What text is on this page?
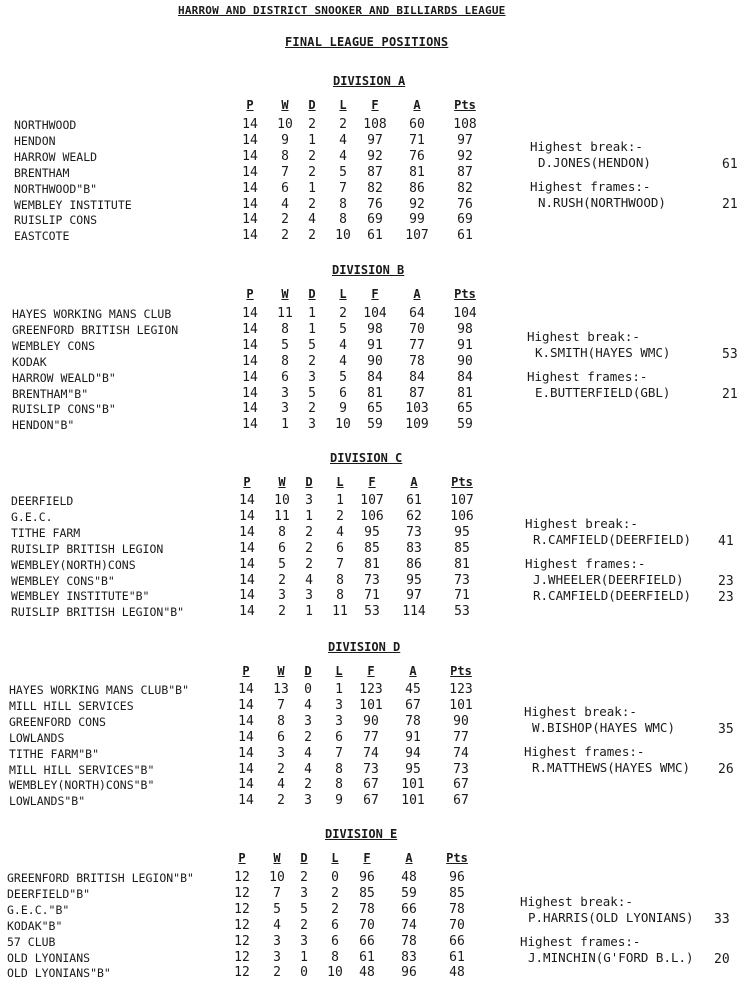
HARROW AND DISTRICT SNOOKER AND BILLIARDS LEAGUE
FINAL LEAGUE POSITIONS
DIVISION A
P	W	D	L	F	A	Pts
NORTHWOOD	14	10	2	2	108	60	108
HENDON	14	9	1	4	97	71	97
HARROW WEALD	14	8	2	4	92	76	92
BRENTHAM	14	7	2	5	87	81	87
NORTHWOOD"B"	14	6	1	7	82	86	82
WEMBLEY INSTITUTE	14	4	2	8	76	92	76
RUISLIP CONS	14	2	4	8	69	99	69
EASTCOTE	14	2	2	10	61	107	61
Highest break:-
D.JONES(HENDON)	61
Highest frames:-
N.RUSH(NORTHWOOD)	21
DIVISION B
P	W	D	L	F	A	Pts
HAYES WORKING MANS CLUB	14	11	1	2	104	64	104
GREENFORD BRITISH LEGION	14	8	1	5	98	70	98
WEMBLEY CONS	14	5	5	4	91	77	91
KODAK	14	8	2	4	90	78	90
HARROW WEALD"B"	14	6	3	5	84	84	84
BRENTHAM"B"	14	3	5	6	81	87	81
RUISLIP CONS"B"	14	3	2	9	65	103	65
HENDON"B"	14	1	3	10	59	109	59
Highest break:-
K.SMITH(HAYES WMC)	53
Highest frames:-
E.BUTTERFIELD(GBL)	21
DIVISION C
P	W	D	L	F	A	Pts
DEERFIELD	14	10	3	1	107	61	107
G.E.C.	14	11	1	2	106	62	106
TITHE FARM	14	8	2	4	95	73	95
RUISLIP BRITISH LEGION	14	6	2	6	85	83	85
WEMBLEY(NORTH)CONS	14	5	2	7	81	86	81
WEMBLEY CONS"B"	14	2	4	8	73	95	73
WEMBLEY INSTITUTE"B"	14	3	3	8	71	97	71
RUISLIP BRITISH LEGION"B"	14	2	1	11	53	114	53
Highest break:-
R.CAMFIELD(DEERFIELD) 41
Highest frames:-
J.WHEELER(DEERFIELD)	23
R.CAMFIELD(DEERFIELD) 23
DIVISION D
P	W	D	L	F	A	Pts
HAYES WORKING MANS CLUB"B"	14	13	0	1	123	45	123
MILL HILL SERVICES	14	7	4	3	101	67	101
GREENFORD CONS	14	8	3	3	90	78	90
LOWLANDS	14	6	2	6	77	91	77
TITHE FARM"B"	14	3	4	7	74	94	74
MILL HILL SERVICES"B"	14	2	4	8	73	95	73
WEMBLEY(NORTH)CONS"B"	14	4	2	8	67	101	67
LOWLANDS"B"	14	2	3	9	67	101	67
Highest break:-
W.BISHOP(HAYES WMC)	35
Highest frames:-
R.MATTHEWS(HAYES WMC) 26
DIVISION E
P	W	D	L	F	A	Pts
GREENFORD BRITISH LEGION"B"	12	10	2	0	96	48	96
DEERFIELD"B"	12	7	3	2	85	59	85
G.E.C."B"	12	5	5	2	78	66	78
KODAK"B"	12	4	2	6	70	74	70
57 CLUB	12	3	3	6	66	78	66
OLD LYONIANS	12	3	1	8	61	83	61
OLD LYONIANS"B"	12	2	0	10	48	96	48
Highest break:-
P.HARRIS(OLD LYONIANS) 33
Highest frames:-
J.MINCHIN(G'FORD B.L.) 20
